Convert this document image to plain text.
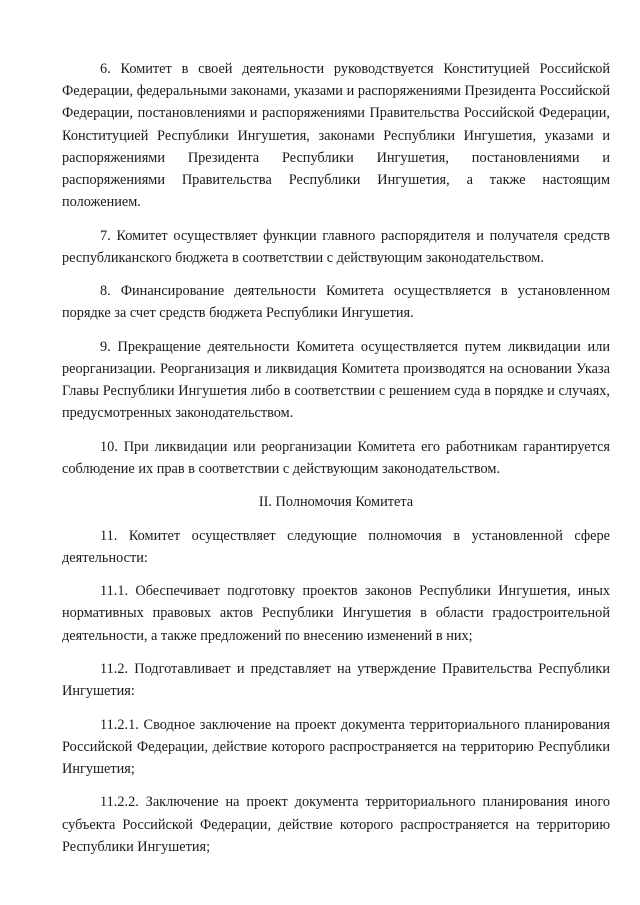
6. Комитет в своей деятельности руководствуется Конституцией Российской Федерации, федеральными законами, указами и распоряжениями Президента Российской Федерации, постановлениями и распоряжениями Правительства Российской Федерации, Конституцией Республики Ингушетия, законами Республики Ингушетия, указами и распоряжениями Президента Республики Ингушетия, постановлениями и распоряжениями Правительства Республики Ингушетия, а также настоящим положением.

7. Комитет осуществляет функции главного распорядителя и получателя средств республиканского бюджета в соответствии с действующим законодательством.

8. Финансирование деятельности Комитета осуществляется в установленном порядке за счет средств бюджета Республики Ингушетия.

9. Прекращение деятельности Комитета осуществляется путем ликвидации или реорганизации. Реорганизация и ликвидация Комитета производятся на основании Указа Главы Республики Ингушетия либо в соответствии с решением суда в порядке и случаях, предусмотренных законодательством.

10. При ликвидации или реорганизации Комитета его работникам гарантируется соблюдение их прав в соответствии с действующим законодательством.

II. Полномочия Комитета

11. Комитет осуществляет следующие полномочия в установленной сфере деятельности:

11.1. Обеспечивает подготовку проектов законов Республики Ингушетия, иных нормативных правовых актов Республики Ингушетия в области градостроительной деятельности, а также предложений по внесению изменений в них;

11.2. Подготавливает и представляет на утверждение Правительства Республики Ингушетия:

11.2.1. Сводное заключение на проект документа территориального планирования Российской Федерации, действие которого распространяется на территорию Республики Ингушетия;

11.2.2. Заключение на проект документа территориального планирования иного субъекта Российской Федерации, действие которого распространяется на территорию Республики Ингушетия;
